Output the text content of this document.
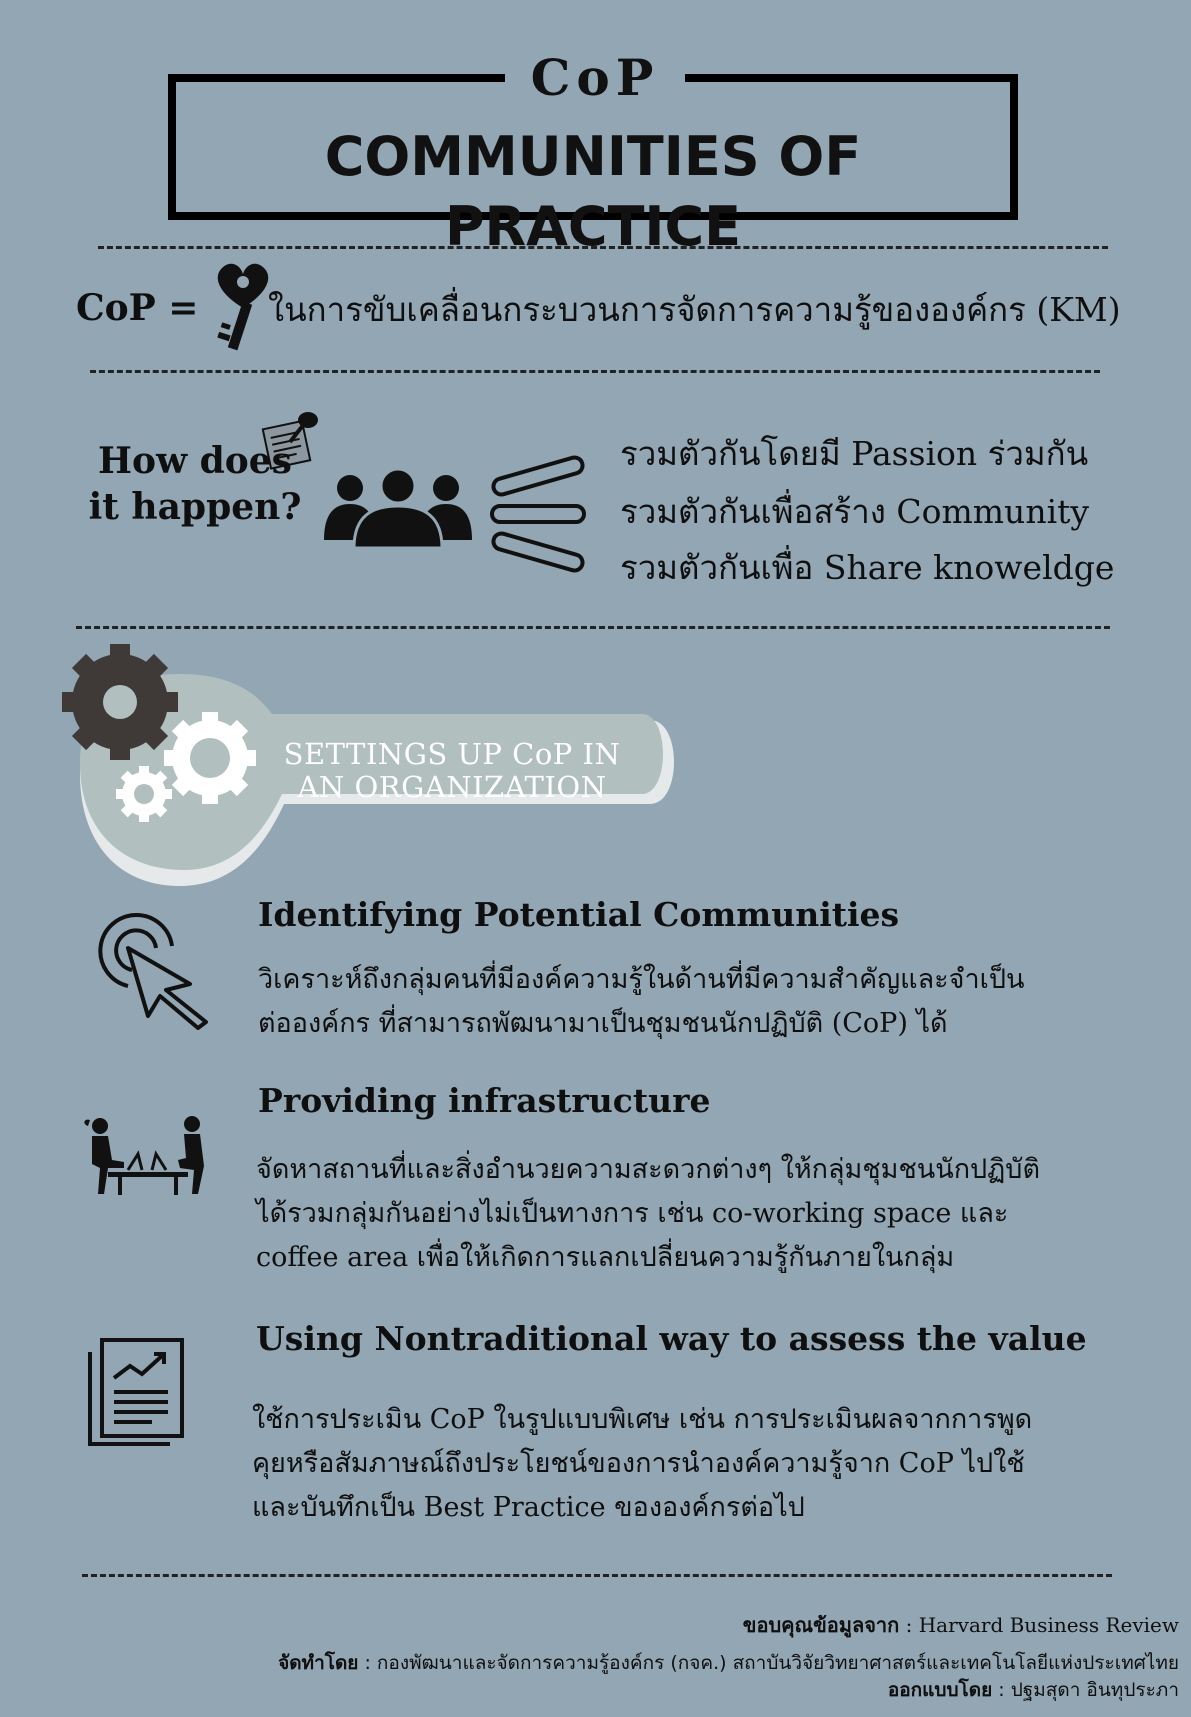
CoP
COMMUNITIES OF PRACTICE
CoP = ในการขับเคลื่อนกระบวนการจัดการความรู้ขององค์กร (KM)
How does
it happen?
รวมตัวกันโดยมี Passion ร่วมกัน
รวมตัวกันเพื่อสร้าง Community
รวมตัวกันเพื่อ Share knoweldge
SETTINGS UP CoP IN
AN ORGANIZATION
Identifying Potential Communities
วิเคราะห์ถึงกลุ่มคนที่มีองค์ความรู้ในด้านที่มีความสำคัญและจำเป็น
ต่อองค์กร ที่สามารถพัฒนามาเป็นชุมชนนักปฏิบัติ (CoP) ได้
Providing infrastructure
จัดหาสถานที่และสิ่งอำนวยความสะดวกต่างๆ ให้กลุ่มชุมชนนักปฏิบัติ
ได้รวมกลุ่มกันอย่างไม่เป็นทางการ เช่น co-working space และ
coffee area เพื่อให้เกิดการแลกเปลี่ยนความรู้กันภายในกลุ่ม
Using Nontraditional way to assess the value
ใช้การประเมิน CoP ในรูปแบบพิเศษ เช่น การประเมินผลจากการพูด
คุยหรือสัมภาษณ์ถึงประโยชน์ของการนำองค์ความรู้จาก CoP ไปใช้
และบันทึกเป็น Best Practice ขององค์กรต่อไป
ขอบคุณข้อมูลจาก : Harvard Business Review
จัดทำโดย : กองพัฒนาและจัดการความรู้องค์กร (กจค.) สถาบันวิจัยวิทยาศาสตร์และเทคโนโลยีแห่งประเทศไทย
ออกแบบโดย : ปฐมสุดา อินทุประภา
